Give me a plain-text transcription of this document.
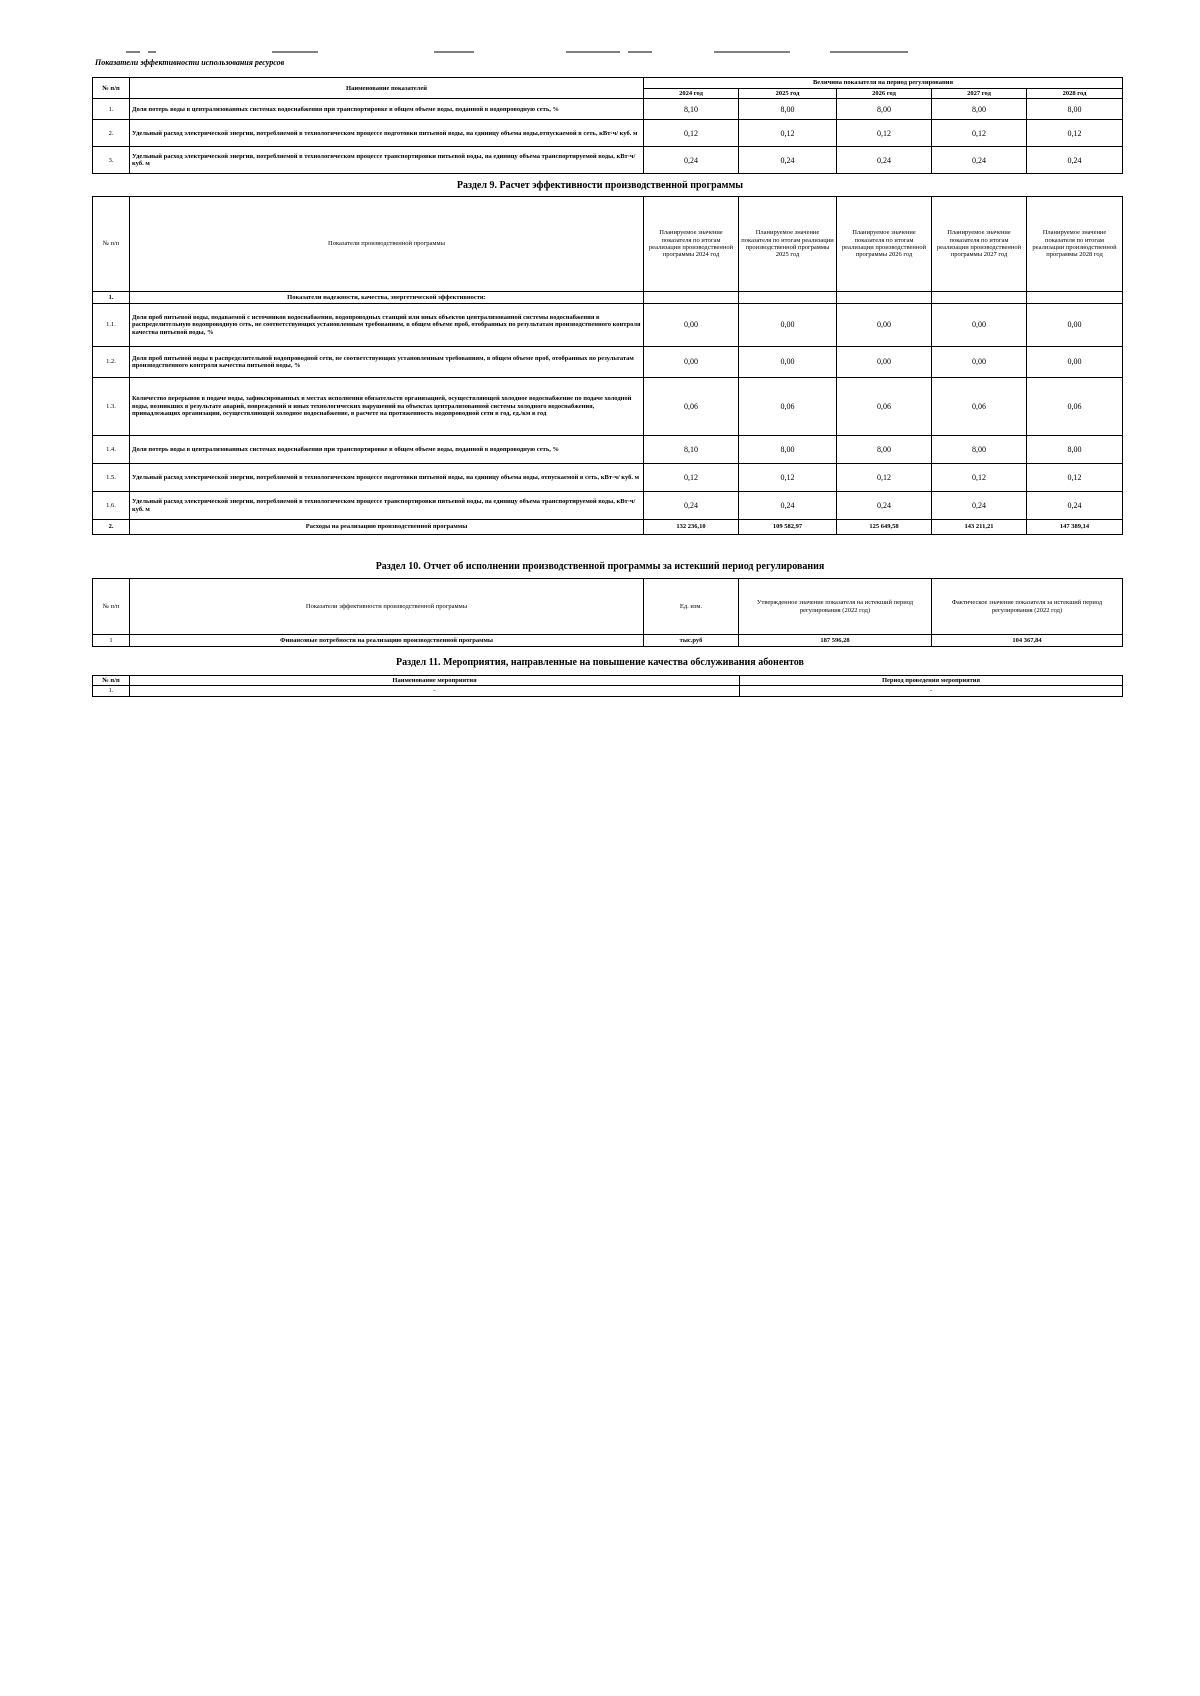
Показатели эффективности использования ресурсов
№ п/п	Наименование показателей	Величина показателя на период регулирования				
		2024 год	2025 год	2026 год	2027 год	2028 год
1.	Доля потерь воды в централизованных системах водоснабжения при транспортировке в общем объеме воды, поданной в водопроводную сеть, %	8,10	8,00	8,00	8,00	8,00
2.	Удельный расход электрической энергии, потребляемой в технологическом процессе подготовки питьевой воды, на единицу объема воды,отпускаемой в сеть, кВт·ч/ куб. м	0,12	0,12	0,12	0,12	0,12
3.	Удельный расход электрической энергии, потребляемой в технологическом процессе транспортировки питьевой воды, на единицу объема транспортируемой воды, кВт·ч/ куб. м	0,24	0,24	0,24	0,24	0,24
Раздел 9. Расчет эффективности производственной программы
№ п/п	Показатели производственной программы	Планируемое значение показателя по итогам реализации производственной программы 2024 год	Планируемое значение показателя по итогам реализации производственной программы 2025 год	Планируемое значение показателя по итогам реализации производственной программы 2026 год	Планируемое значение показателя по итогам реализации производственной программы 2027 год	Планируемое значение показателя по итогам реализации производственной программы 2028 год
1.	Показатели надежности, качества, энергетической эффективности:					
1.1.	Доля проб питьевой воды, подаваемой с источников водоснабжения, водопроводных станций или иных объектов централизованной системы водоснабжения в распределительную водопроводную сеть, не соответствующих установленным требованиям, в общем объеме проб, отобранных по результатам производственного контроля качества питьевой воды, %	0,00	0,00	0,00	0,00	0,00
1.2.	Доля проб питьевой воды в распределительной водопроводной сети, не соответствующих установленным требованиям, в общем объеме проб, отобранных по результатам производственного контроля качества питьевой воды, %	0,00	0,00	0,00	0,00	0,00
1.3.	Количество перерывов в подаче воды, зафиксированных в местах исполнения обязательств организацией, осуществляющей холодное водоснабжение по подаче холодной воды, возникших в результате аварий, повреждений и иных технологических нарушений на объектах централизованной системы холодного водоснабжения, принадлежащих организации, осуществляющей холодное водоснабжение, в расчете на протяженность водопроводной сети в год, ед./км в год	0,06	0,06	0,06	0,06	0,06
1.4.	Доля потерь воды в централизованных системах водоснабжения при транспортировке в общем объеме воды, поданной в водопроводную сеть, %	8,10	8,00	8,00	8,00	8,00
1.5.	Удельный расход электрической энергии, потребляемой в технологическом процессе подготовки питьевой воды, на единицу объема воды, отпускаемой в сеть, кВт·ч/ куб. м	0,12	0,12	0,12	0,12	0,12
1.6.	Удельный расход электрической энергии, потребляемой в технологическом процессе транспортировки питьевой воды, на единицу объема транспортируемой воды, кВт·ч/ куб. м	0,24	0,24	0,24	0,24	0,24
2.	Расходы на реализацию производственной программы	132 236,10	109 582,97	125 649,58	143 211,21	147 389,14
Раздел 10. Отчет об исполнении производственной программы за истекший период регулирования
№ п/п	Показатели эффективности производственной программы	Ед. изм.	Утвержденное значение показателя на истекший период регулирования (2022 год)	Фактическое значение показателя за истекший период регулирования (2022 год)
1	Финансовые потребности на реализацию производственной программы	тыс.руб	187 596,28	104 367,84
Раздел 11. Мероприятия, направленные на повышение качества обслуживания абонентов
№ п/п	Наименование мероприятия	Период проведения мероприятия
1.	-	-
